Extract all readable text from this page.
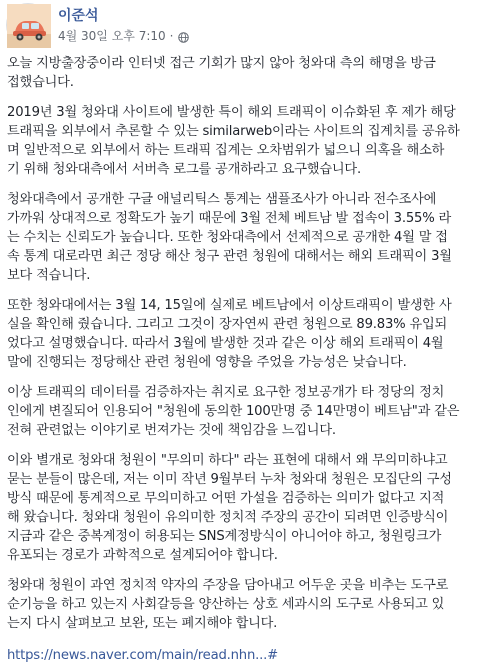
이준석
4월 30일 오후 7:10 ·

오늘 지방출장중이라 인터넷 접근 기회가 많지 않아 청와대 측의 해명을 방금
접했습니다.

2019년 3월 청와대 사이트에 발생한 특이 해외 트래픽이 이슈화된 후 제가 해당
트래픽을 외부에서 추론할 수 있는 similarweb이라는 사이트의 집계치를 공유하
며 일반적으로 외부에서 하는 트래픽 집계는 오차범위가 넓으니 의혹을 해소하
기 위해 청와대측에서 서버측 로그를 공개하라고 요구했습니다.

청와대측에서 공개한 구글 애널리틱스 통계는 샘플조사가 아니라 전수조사에
가까워 상대적으로 정확도가 높기 때문에 3월 전체 베트남 발 접속이 3.55% 라
는 수치는 신뢰도가 높습니다. 또한 청와대측에서 선제적으로 공개한 4월 말 접
속 통계 대로라면 최근 정당 해산 청구 관련 청원에 대해서는 해외 트래픽이 3월
보다 적습니다.

또한 청와대에서는 3월 14, 15일에 실제로 베트남에서 이상트래픽이 발생한 사
실을 확인해 줬습니다. 그리고 그것이 장자연씨 관련 청원으로 89.83% 유입되
었다고 설명했습니다. 따라서 3월에 발생한 것과 같은 이상 해외 트래픽이 4월
말에 진행되는 정당해산 관련 청원에 영향을 주었을 가능성은 낮습니다.

이상 트래픽의 데이터를 검증하자는 취지로 요구한 정보공개가 타 정당의 정치
인에게 변질되어 인용되어 "청원에 동의한 100만명 중 14만명이 베트남"과 같은
전혀 관련없는 이야기로 번져가는 것에 책임감을 느낍니다.

이와 별개로 청와대 청원이 "무의미 하다" 라는 표현에 대해서 왜 무의미하냐고
묻는 분들이 많은데, 저는 이미 작년 9월부터 누차 청와대 청원은 모집단의 구성
방식 때문에 통계적으로 무의미하고 어떤 가설을 검증하는 의미가 없다고 지적
해 왔습니다. 청와대 청원이 유의미한 정치적 주장의 공간이 되려면 인증방식이
지금과 같은 중복계정이 허용되는 SNS계정방식이 아니어야 하고, 청원링크가
유포되는 경로가 과학적으로 설계되어야 합니다.

청와대 청원이 과연 정치적 약자의 주장을 담아내고 어두운 곳을 비추는 도구로
순기능을 하고 있는지 사회갈등을 양산하는 상호 세과시의 도구로 사용되고 있
는지 다시 살펴보고 보완, 또는 폐지해야 합니다.

https://news.naver.com/main/read.nhn...#
